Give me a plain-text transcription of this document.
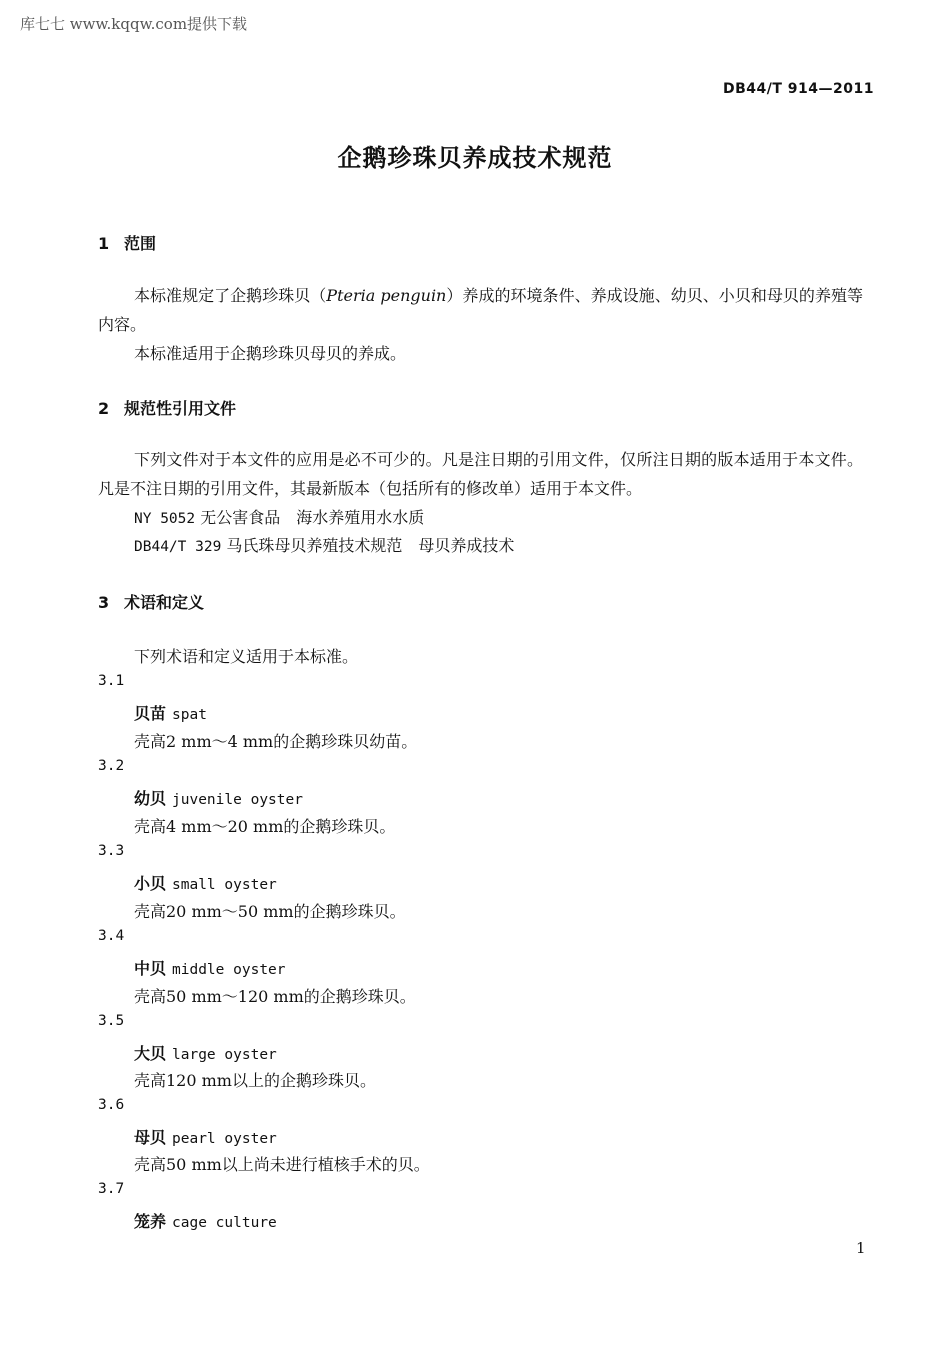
库七七 www.kqqw.com提供下载
DB44/T 914—2011
企鹅珍珠贝养成技术规范
1 范围
本标准规定了企鹅珍珠贝（Pteria penguin）养成的环境条件、养成设施、幼贝、小贝和母贝的养殖等内容。
本标准适用于企鹅珍珠贝母贝的养成。
2 规范性引用文件
下列文件对于本文件的应用是必不可少的。凡是注日期的引用文件，仅所注日期的版本适用于本文件。凡是不注日期的引用文件，其最新版本（包括所有的修改单）适用于本文件。
NY 5052 无公害食品　海水养殖用水水质
DB44/T 329 马氏珠母贝养殖技术规范　母贝养成技术
3 术语和定义
下列术语和定义适用于本标准。
3.1
贝苗 spat
壳高2 mm～4 mm的企鹅珍珠贝幼苗。
3.2
幼贝 juvenile oyster
壳高4 mm～20 mm的企鹅珍珠贝。
3.3
小贝 small oyster
壳高20 mm～50 mm的企鹅珍珠贝。
3.4
中贝 middle oyster
壳高50 mm～120 mm的企鹅珍珠贝。
3.5
大贝 large oyster
壳高120 mm以上的企鹅珍珠贝。
3.6
母贝 pearl oyster
壳高50 mm以上尚未进行植核手术的贝。
3.7
笼养 cage culture
1
